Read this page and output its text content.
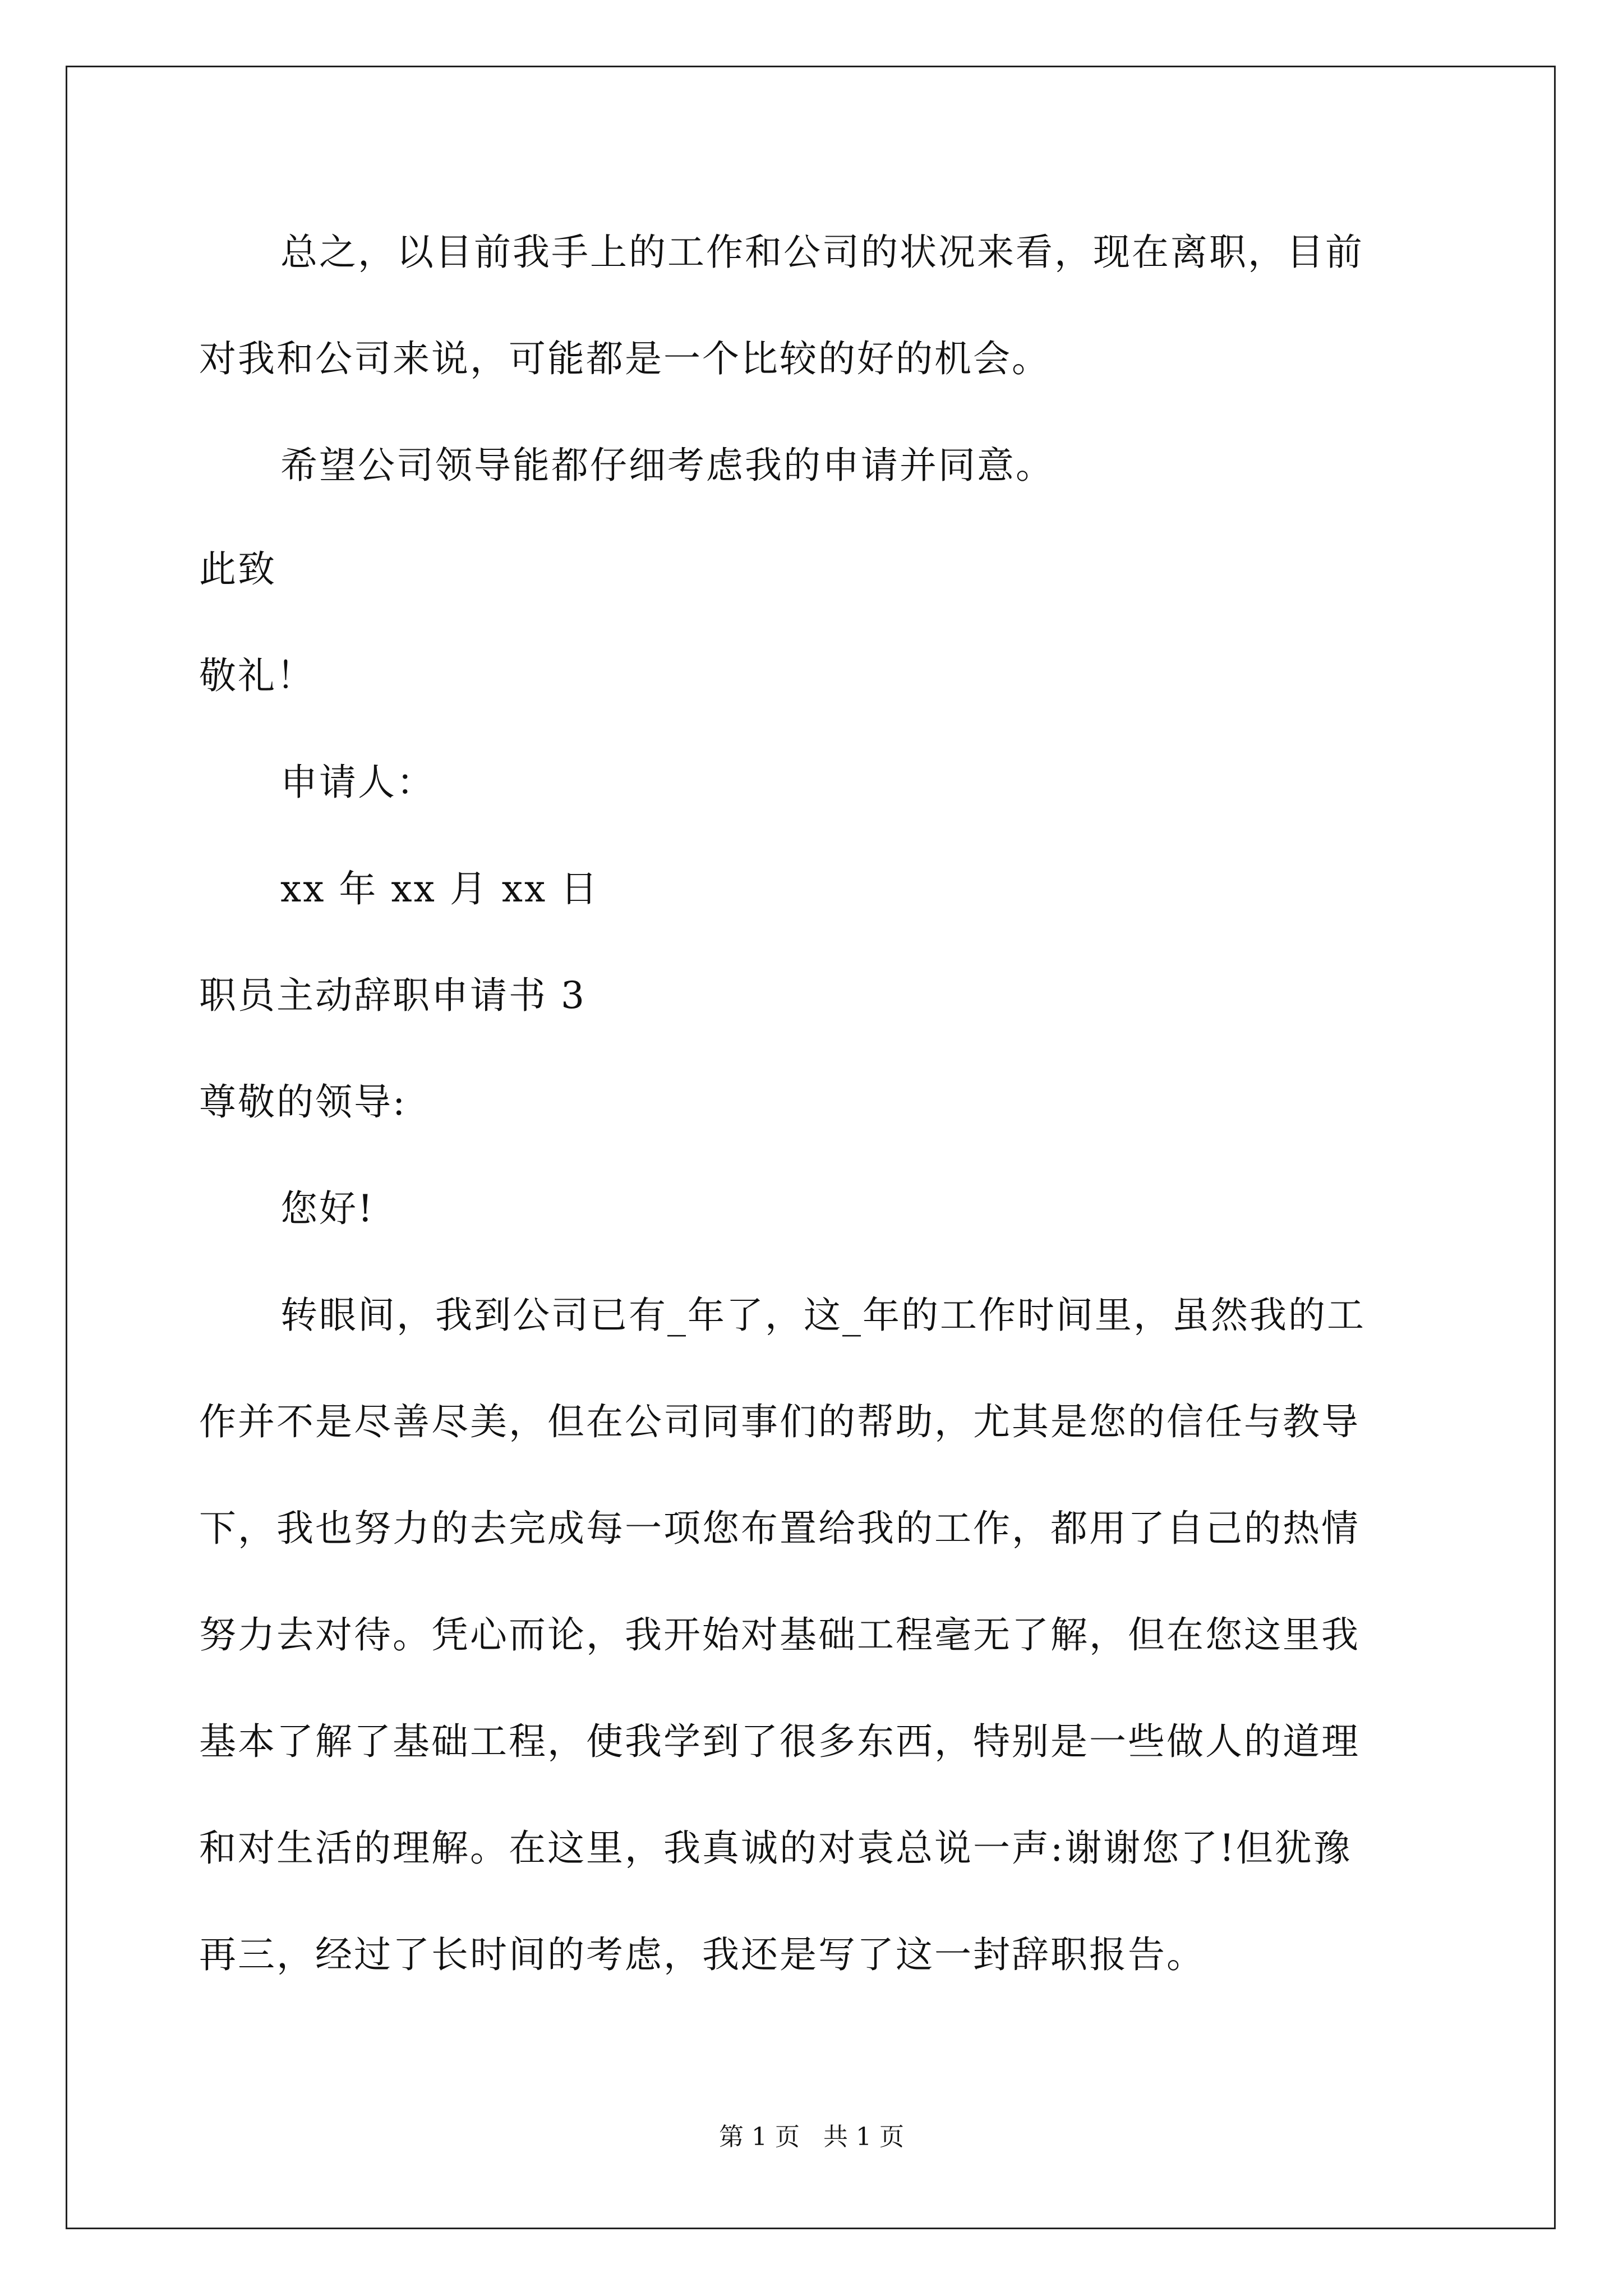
总之，以目前我手上的工作和公司的状况来看，现在离职，目前
对我和公司来说，可能都是一个比较的好的机会。
希望公司领导能都仔细考虑我的申请并同意。
此致
敬礼！
申请人：
xx 年 xx 月 xx 日
职员主动辞职申请书 3
尊敬的领导:
您好!
转眼间，我到公司已有_年了，这_年的工作时间里，虽然我的工
作并不是尽善尽美，但在公司同事们的帮助，尤其是您的信任与教导
下，我也努力的去完成每一项您布置给我的工作，都用了自己的热情
努力去对待。凭心而论，我开始对基础工程毫无了解，但在您这里我
基本了解了基础工程，使我学到了很多东西，特别是一些做人的道理
和对生活的理解。在这里，我真诚的对袁总说一声:谢谢您了!但犹豫
再三，经过了长时间的考虑，我还是写了这一封辞职报告。
第 1 页   共 1 页
